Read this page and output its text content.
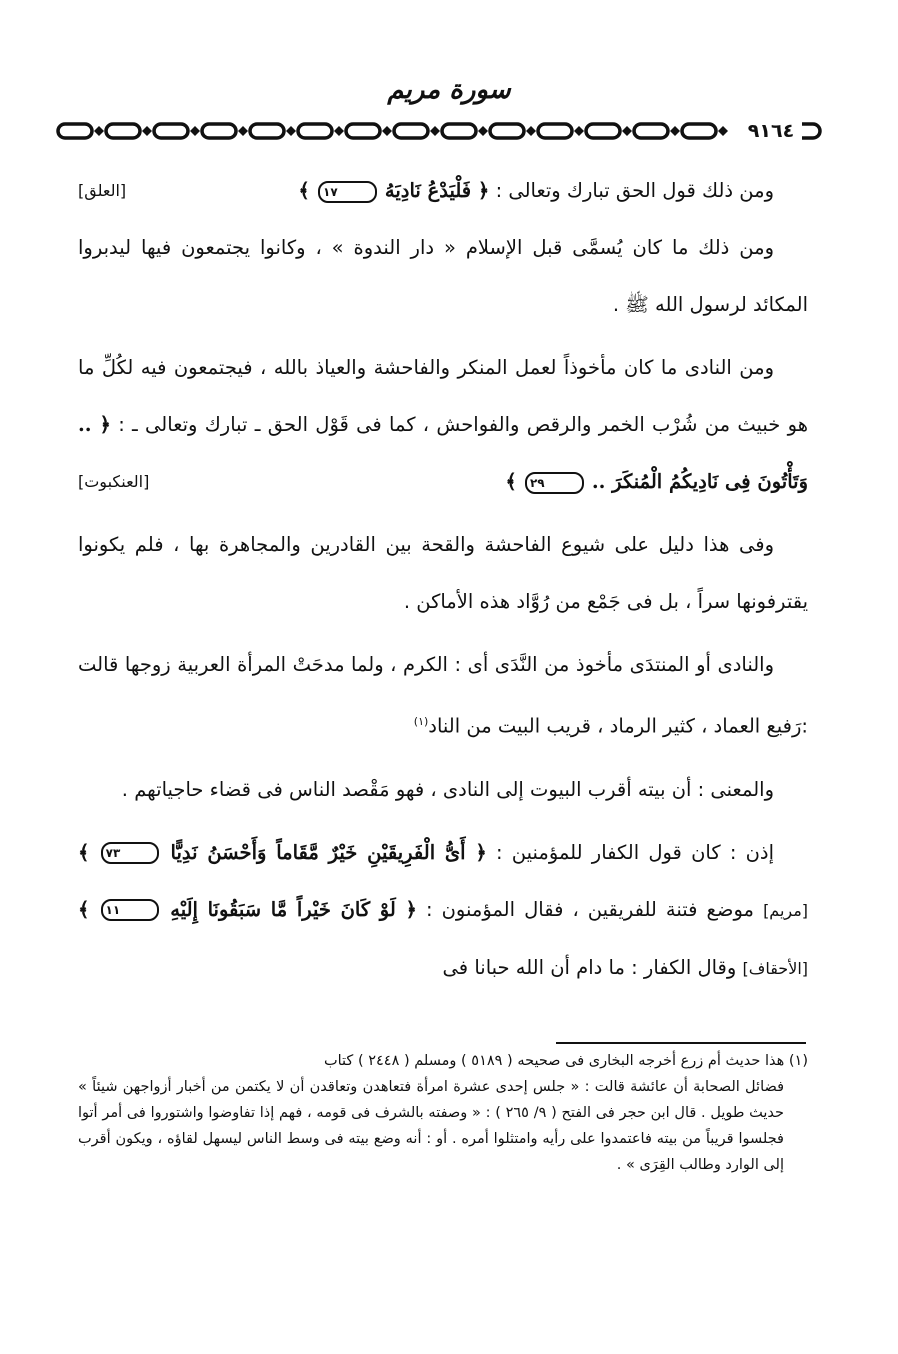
سورة مريم
٩١٦٤

ومن ذلك قول الحق تبارك وتعالى : ﴿ فَلْيَدْعُ نَادِيَهُ ١٧ ﴾
[العلق]

ومن ذلك ما كان يُسمَّى قبل الإسلام « دار الندوة » ، وكانوا يجتمعون فيها ليدبروا المكائد لرسول الله ﷺ .

ومن النادى ما كان مأخوذاً لعمل المنكر والفاحشة والعياذ بالله ، فيجتمعون فيه لكُلِّ ما هو خبيث من شُرْب الخمر والرقص والفواحش ، كما فى قَوْل الحق ـ تبارك وتعالى ـ : ﴿ .. وَتَأْتُونَ فِى نَادِيكُمُ الْمُنكَرَ .. ٢٩ ﴾
[العنكبوت]

وفى هذا دليل على شيوع الفاحشة والقحة بين القادرين والمجاهرة بها ، فلم يكونوا يقترفونها سراً ، بل فى جَمْع من رُوَّاد هذه الأماكن .

والنادى أو المنتدَى مأخوذ من النَّدَى أى : الكرم ، ولما مدحَتْ المرأة العربية زوجها قالت :رَفيع العماد ، كثير الرماد ، قريب البيت من الناد$^{(١)}$

والمعنى : أن بيته أقرب البيوت إلى النادى ، فهو مَقْصد الناس فى قضاء حاجياتهم .

إذن : كان قول الكفار للمؤمنين : ﴿ أَىُّ الْفَرِيقَيْنِ خَيْرٌ مَّقَاماً وَأَحْسَنُ نَدِيًّا ٧٣ ﴾ [مريم] موضع فتنة للفريقين ، فقال المؤمنون : ﴿ لَوْ كَانَ خَيْراً مَّا سَبَقُونَا إِلَيْهِ ١١ ﴾ [الأحقاف] وقال الكفار : ما دام أن الله حبانا فى

(١) هذا حديث أم زرع أخرجه البخارى فى صحيحه ( ٥١٨٩ ) ومسلم ( ٢٤٤٨ ) كتاب

فضائل الصحابة أن عائشة قالت : « جلس إحدى عشرة امرأة فتعاهدن وتعاقدن أن لا يكتمن من أخبار أزواجهن شيئاً » حديث طويل . قال ابن حجر فى الفتح ( ٩/ ٢٦٥ ) : « وصفته بالشرف فى قومه ، فهم إذا تفاوضوا واشتوروا فى أمر أتوا فجلسوا قريباً من بيته فاعتمدوا على رأيه وامتثلوا أمره . أو : أنه وضع بيته فى وسط الناس ليسهل لقاؤه ، ويكون أقرب إلى الوارد وطالب القِرَى » .
